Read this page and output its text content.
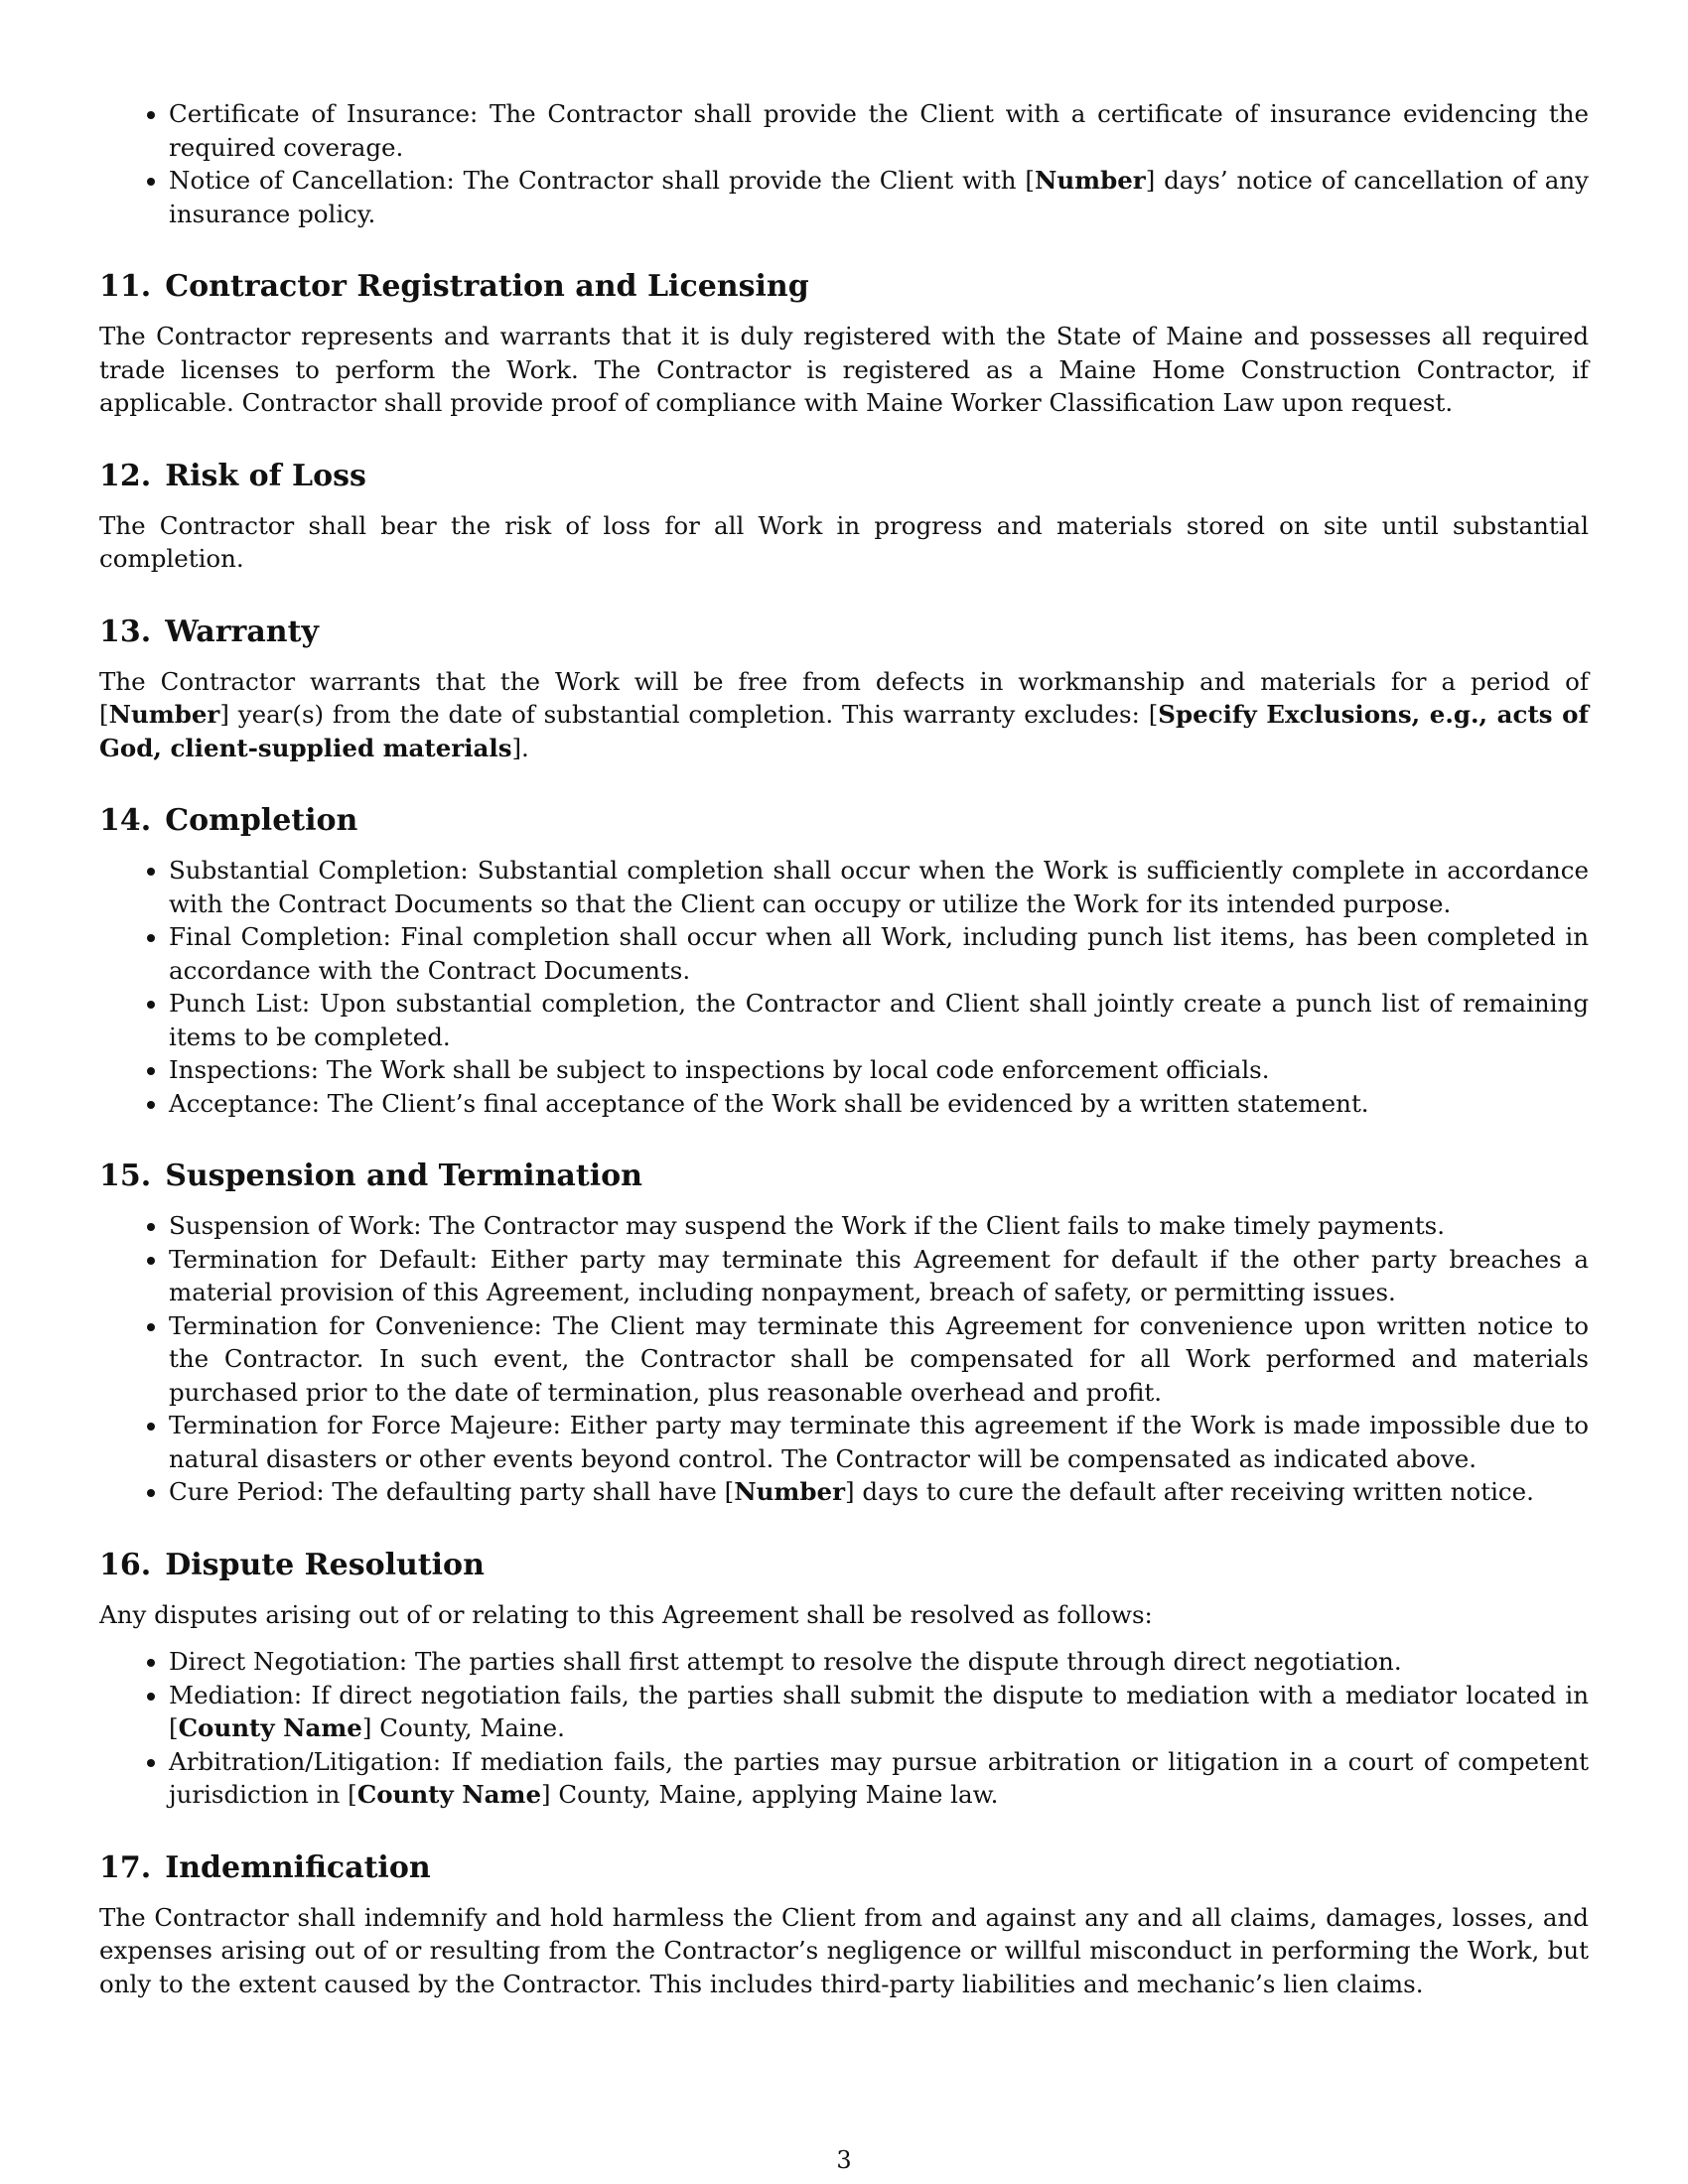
• Certificate of Insurance: The Contractor shall provide the Client with a certificate of insurance evidencing the required coverage.
• Notice of Cancellation: The Contractor shall provide the Client with [Number] days’ notice of cancellation of any insurance policy.
11. Contractor Registration and Licensing

The Contractor represents and warrants that it is duly registered with the State of Maine and possesses all required trade licenses to perform the Work. The Contractor is registered as a Maine Home Construction Contractor, if applicable. Contractor shall provide proof of compliance with Maine Worker Classification Law upon request.

12. Risk of Loss

The Contractor shall bear the risk of loss for all Work in progress and materials stored on site until substantial completion.

13. Warranty

The Contractor warrants that the Work will be free from defects in workmanship and materials for a period of [Number] year(s) from the date of substantial completion. This warranty excludes: [Specify Exclusions, e.g., acts of God, client-supplied materials].

14. Completion
• Substantial Completion: Substantial completion shall occur when the Work is sufficiently complete in accordance with the Contract Documents so that the Client can occupy or utilize the Work for its intended purpose.
• Final Completion: Final completion shall occur when all Work, including punch list items, has been completed in accordance with the Contract Documents.
• Punch List: Upon substantial completion, the Contractor and Client shall jointly create a punch list of remaining items to be completed.
• Inspections: The Work shall be subject to inspections by local code enforcement officials.
• Acceptance: The Client’s final acceptance of the Work shall be evidenced by a written statement.
15. Suspension and Termination
• Suspension of Work: The Contractor may suspend the Work if the Client fails to make timely payments.
• Termination for Default: Either party may terminate this Agreement for default if the other party breaches a material provision of this Agreement, including nonpayment, breach of safety, or permitting issues.
• Termination for Convenience: The Client may terminate this Agreement for convenience upon written notice to the Contractor. In such event, the Contractor shall be compensated for all Work performed and materials purchased prior to the date of termination, plus reasonable overhead and profit.
• Termination for Force Majeure: Either party may terminate this agreement if the Work is made impossible due to natural disasters or other events beyond control. The Contractor will be compensated as indicated above.
• Cure Period: The defaulting party shall have [Number] days to cure the default after receiving written notice.
16. Dispute Resolution

Any disputes arising out of or relating to this Agreement shall be resolved as follows:

• Direct Negotiation: The parties shall first attempt to resolve the dispute through direct negotiation.
• Mediation: If direct negotiation fails, the parties shall submit the dispute to mediation with a mediator located in [County Name] County, Maine.
• Arbitration/Litigation: If mediation fails, the parties may pursue arbitration or litigation in a court of competent jurisdiction in [County Name] County, Maine, applying Maine law.
17. Indemnification

The Contractor shall indemnify and hold harmless the Client from and against any and all claims, damages, losses, and expenses arising out of or resulting from the Contractor’s negligence or willful misconduct in performing the Work, but only to the extent caused by the Contractor. This includes third-party liabilities and mechanic’s lien claims.

3
